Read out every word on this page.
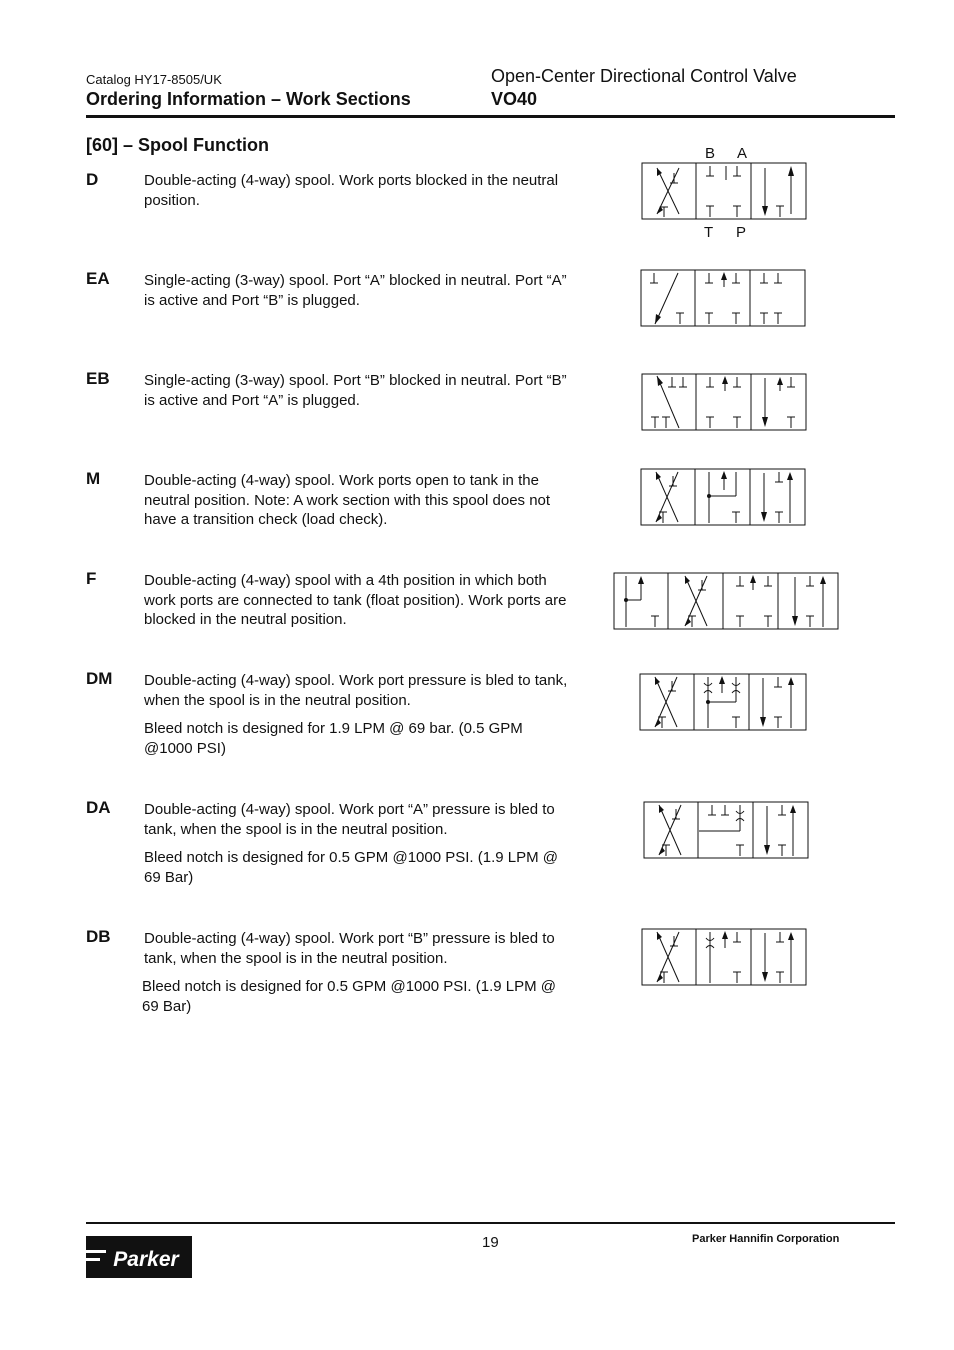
Catalog HY17-8505/UK
Ordering Information – Work Sections
Open-Center Directional Control Valve
VO40
[60] – Spool Function
D	Double-acting (4-way) spool. Work ports blocked in the neutral position.
EA Single-acting (3-way) spool. Port “A” blocked in neutral. Port “A” is active and Port “B” is plugged.
EB Single-acting (3-way) spool. Port “B” blocked in neutral. Port “B” is active and Port “A” is plugged.
M	Double-acting (4-way) spool. Work ports open to tank in the neutral position. Note: A work section with this spool does not have a transition check (load check).
F	Double-acting (4-way) spool with a 4th position in which both work ports are connected to tank (float position). Work ports are blocked in the neutral position.
DM Double-acting (4-way) spool. Work port pressure is bled to tank, when the spool is in the neutral position.
Bleed notch is designed for 1.9 LPM @ 69 bar. (0.5 GPM @1000 PSI)
DA Double-acting (4-way) spool. Work port “A” pressure is bled to tank, when the spool is in the neutral position.
Bleed notch is designed for 0.5 GPM @1000 PSI. (1.9 LPM @ 69 Bar)
DB Double-acting (4-way) spool. Work port “B” pressure is bled to tank, when the spool is in the neutral position.
Bleed notch is designed for 0.5 GPM @1000 PSI. (1.9 LPM @ 69 Bar)
B A
T P
19	Parker Hannifin Corporation
Parker
